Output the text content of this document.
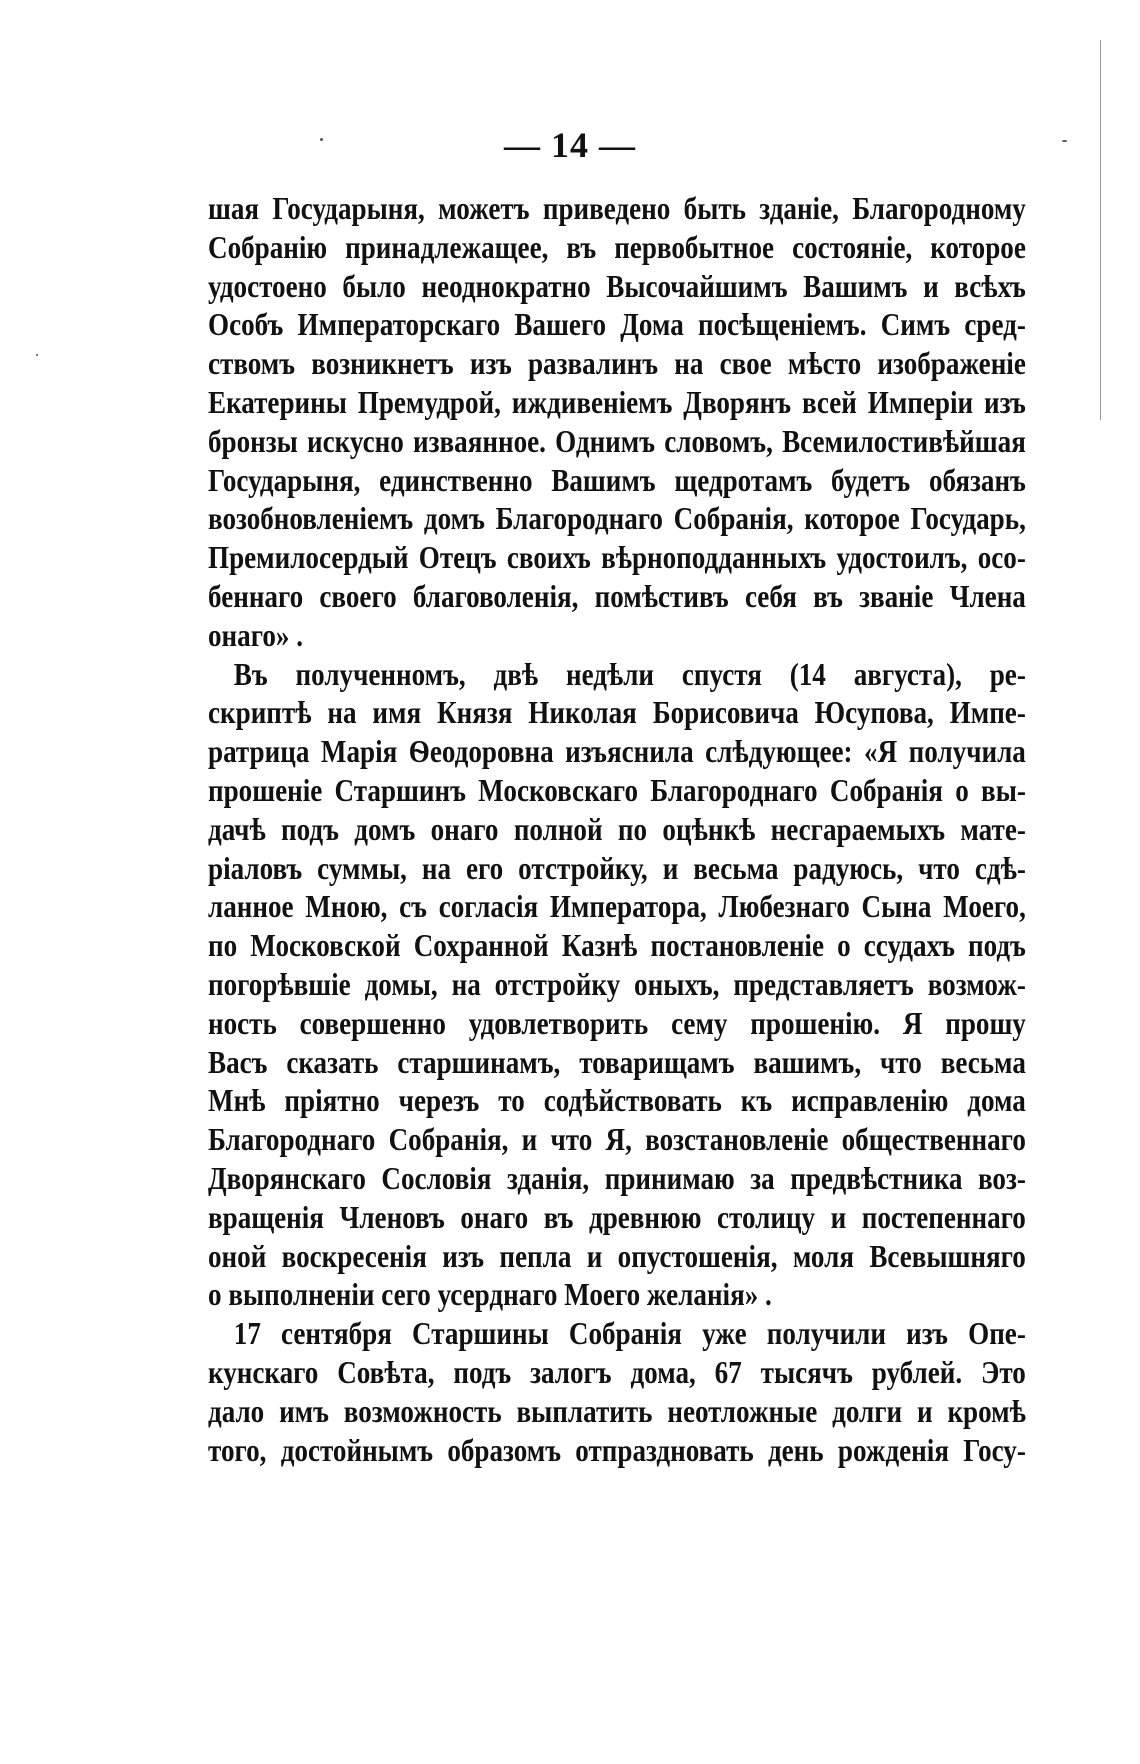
— 14 —

шая Государыня, можетъ приведено быть зданіе, Благородному
Собранію принадлежащее, въ первобытное состояніе, которое
удостоено было неоднократно Высочайшимъ Вашимъ и всѣхъ
Особъ Императорскаго Вашего Дома посѣщеніемъ. Симъ сред-
ствомъ возникнетъ изъ развалинъ на свое мѣсто изображеніе
Екатерины Премудрой, иждивеніемъ Дворянъ всей Имперіи изъ
бронзы искусно изваянное. Однимъ словомъ, Всемилостивѣйшая
Государыня, единственно Вашимъ щедротамъ будетъ обязанъ
возобновленіемъ домъ Благороднаго Собранія, которое Государь,
Премилосердый Отецъ своихъ вѣрноподданныхъ удостоилъ, осо-
беннаго своего благоволенія, помѣстивъ себя въ званіе Члена
онаго» .

Въ полученномъ, двѣ недѣли спустя (14 августа), ре-
скриптѣ на имя Князя Николая Борисовича Юсупова, Импе-
ратрица Марія Ѳеодоровна изъяснила слѣдующее: «Я получила
прошеніе Старшинъ Московскаго Благороднаго Собранія о вы-
дачѣ подъ домъ онаго полной по оцѣнкѣ несгараемыхъ мате-
ріаловъ суммы, на его отстройку, и весьма радуюсь, что сдѣ-
ланное Мною, съ согласія Императора, Любезнаго Сына Моего,
по Московской Сохранной Казнѣ постановленіе о ссудахъ подъ
погорѣвшіе домы, на отстройку оныхъ, представляетъ возмож-
ность совершенно удовлетворить сему прошенію. Я прошу
Васъ сказать старшинамъ, товарищамъ вашимъ, что весьма
Мнѣ пріятно черезъ то содѣйствовать къ исправленію дома
Благороднаго Собранія, и что Я, возстановленіе общественнаго
Дворянскаго Сословія зданія, принимаю за предвѣстника воз-
вращенія Членовъ онаго въ древнюю столицу и постепеннаго
оной воскресенія изъ пепла и опустошенія, моля Всевышняго
о выполненіи сего усерднаго Моего желанія» .

17 сентября Старшины Собранія уже получили изъ Опе-
кунскаго Совѣта, подъ залогъ дома, 67 тысячъ рублей. Это
дало имъ возможность выплатить неотложные долги и кромѣ
того, достойнымъ образомъ отпраздновать день рожденія Госу-
